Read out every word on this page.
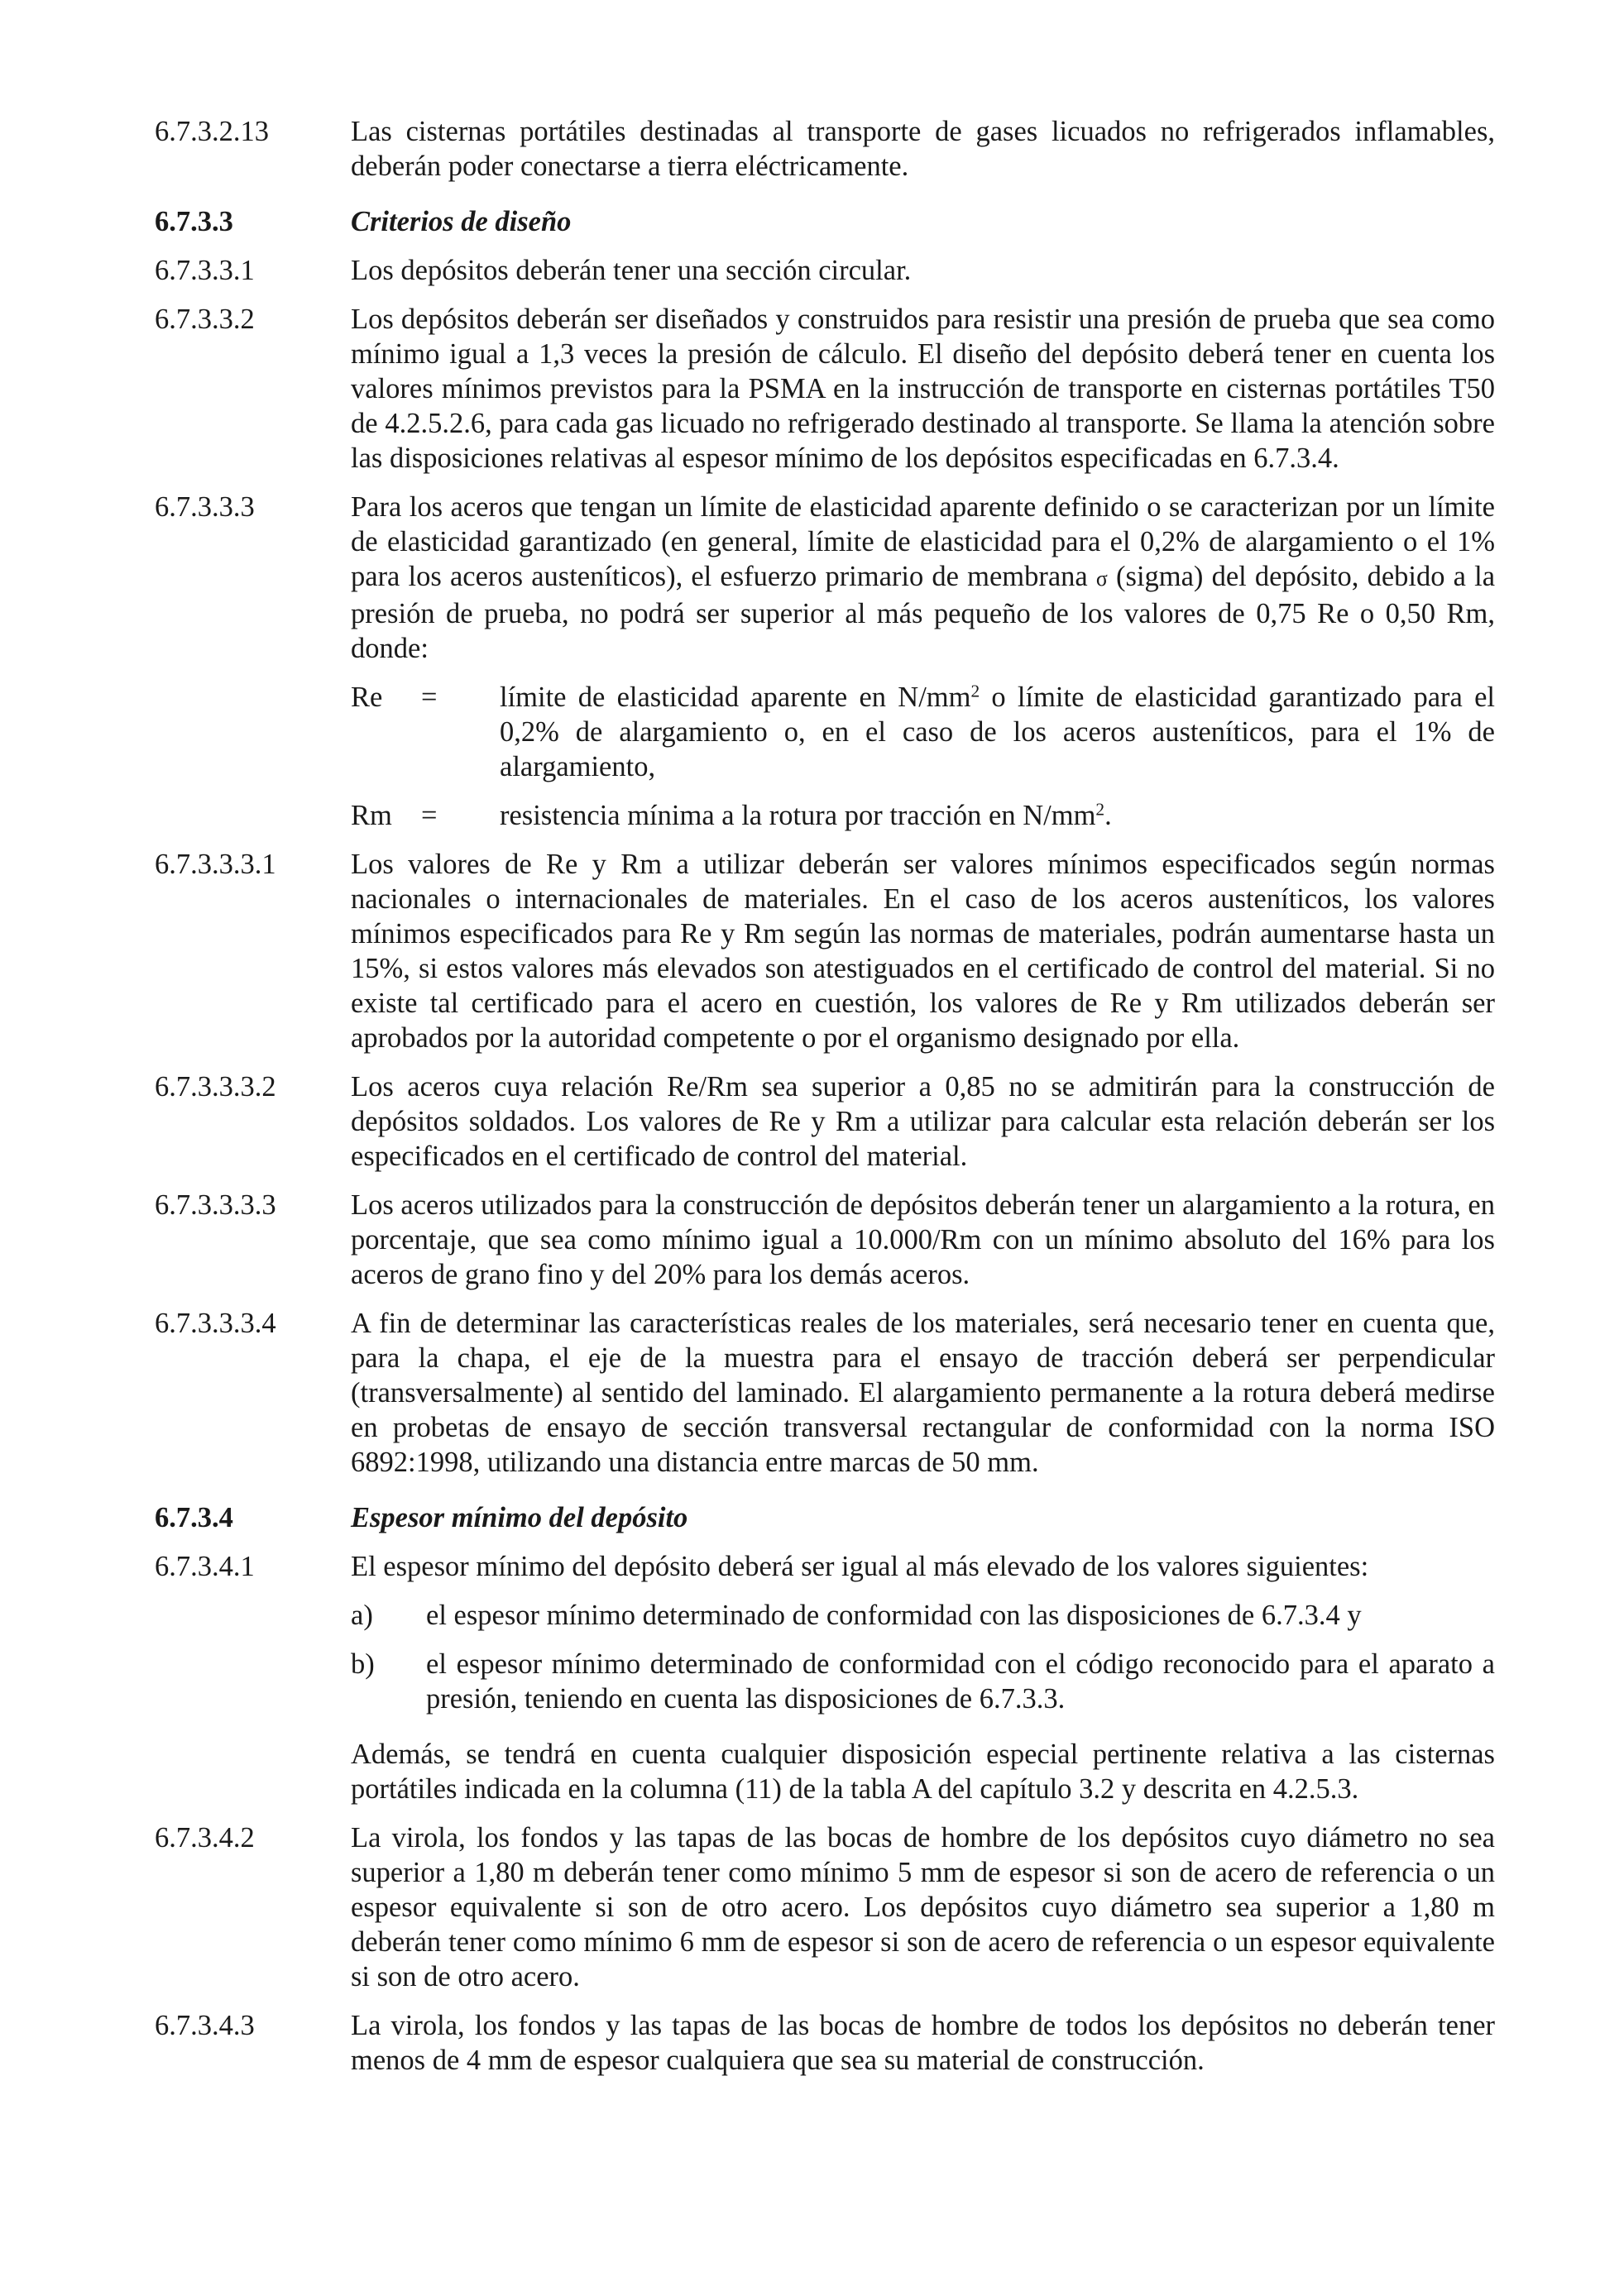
6.7.3.2.13	Las cisternas portátiles destinadas al transporte de gases licuados no refrigerados inflamables, deberán poder conectarse a tierra eléctricamente.
6.7.3.3	Criterios de diseño
6.7.3.3.1	Los depósitos deberán tener una sección circular.
6.7.3.3.2	Los depósitos deberán ser diseñados y construidos para resistir una presión de prueba que sea como mínimo igual a 1,3 veces la presión de cálculo. El diseño del depósito deberá tener en cuenta los valores mínimos previstos para la PSMA en la instrucción de transporte en cisternas portátiles T50 de 4.2.5.2.6, para cada gas licuado no refrigerado destinado al transporte. Se llama la atención sobre las disposiciones relativas al espesor mínimo de los depósitos especificadas en 6.7.3.4.
6.7.3.3.3	Para los aceros que tengan un límite de elasticidad aparente definido o se caracterizan por un límite de elasticidad garantizado (en general, límite de elasticidad para el 0,2% de alargamiento o el 1% para los aceros austeníticos), el esfuerzo primario de membrana σ (sigma) del depósito, debido a la presión de prueba, no podrá ser superior al más pequeño de los valores de 0,75 Re o 0,50 Rm, donde:
Re	=	límite de elasticidad aparente en $N/mm^2$ o límite de elasticidad garantizado para el 0,2% de alargamiento o, en el caso de los aceros austeníticos, para el 1% de alargamiento,
Rm	=	resistencia mínima a la rotura por tracción en $N/mm^2$.
6.7.3.3.3.1	Los valores de Re y Rm a utilizar deberán ser valores mínimos especificados según normas nacionales o internacionales de materiales. En el caso de los aceros austeníticos, los valores mínimos especificados para Re y Rm según las normas de materiales, podrán aumentarse hasta un 15%, si estos valores más elevados son atestiguados en el certificado de control del material. Si no existe tal certificado para el acero en cuestión, los valores de Re y Rm utilizados deberán ser aprobados por la autoridad competente o por el organismo designado por ella.
6.7.3.3.3.2	Los aceros cuya relación Re/Rm sea superior a 0,85 no se admitirán para la construcción de depósitos soldados. Los valores de Re y Rm a utilizar para calcular esta relación deberán ser los especificados en el certificado de control del material.
6.7.3.3.3.3	Los aceros utilizados para la construcción de depósitos deberán tener un alargamiento a la rotura, en porcentaje, que sea como mínimo igual a 10.000/Rm con un mínimo absoluto del 16% para los aceros de grano fino y del 20% para los demás aceros.
6.7.3.3.3.4	A fin de determinar las características reales de los materiales, será necesario tener en cuenta que, para la chapa, el eje de la muestra para el ensayo de tracción deberá ser perpendicular (transversalmente) al sentido del laminado. El alargamiento permanente a la rotura deberá medirse en probetas de ensayo de sección transversal rectangular de conformidad con la norma ISO 6892:1998, utilizando una distancia entre marcas de 50 mm.
6.7.3.4	Espesor mínimo del depósito
6.7.3.4.1	El espesor mínimo del depósito deberá ser igual al más elevado de los valores siguientes:
a)	el espesor mínimo determinado de conformidad con las disposiciones de 6.7.3.4 y
b)	el espesor mínimo determinado de conformidad con el código reconocido para el aparato a presión, teniendo en cuenta las disposiciones de 6.7.3.3.
Además, se tendrá en cuenta cualquier disposición especial pertinente relativa a las cisternas portátiles indicada en la columna (11) de la tabla A del capítulo 3.2 y descrita en 4.2.5.3.
6.7.3.4.2	La virola, los fondos y las tapas de las bocas de hombre de los depósitos cuyo diámetro no sea superior a 1,80 m deberán tener como mínimo 5 mm de espesor si son de acero de referencia o un espesor equivalente si son de otro acero. Los depósitos cuyo diámetro sea superior a 1,80 m deberán tener como mínimo 6 mm de espesor si son de acero de referencia o un espesor equivalente si son de otro acero.
6.7.3.4.3	La virola, los fondos y las tapas de las bocas de hombre de todos los depósitos no deberán tener menos de 4 mm de espesor cualquiera que sea su material de construcción.
